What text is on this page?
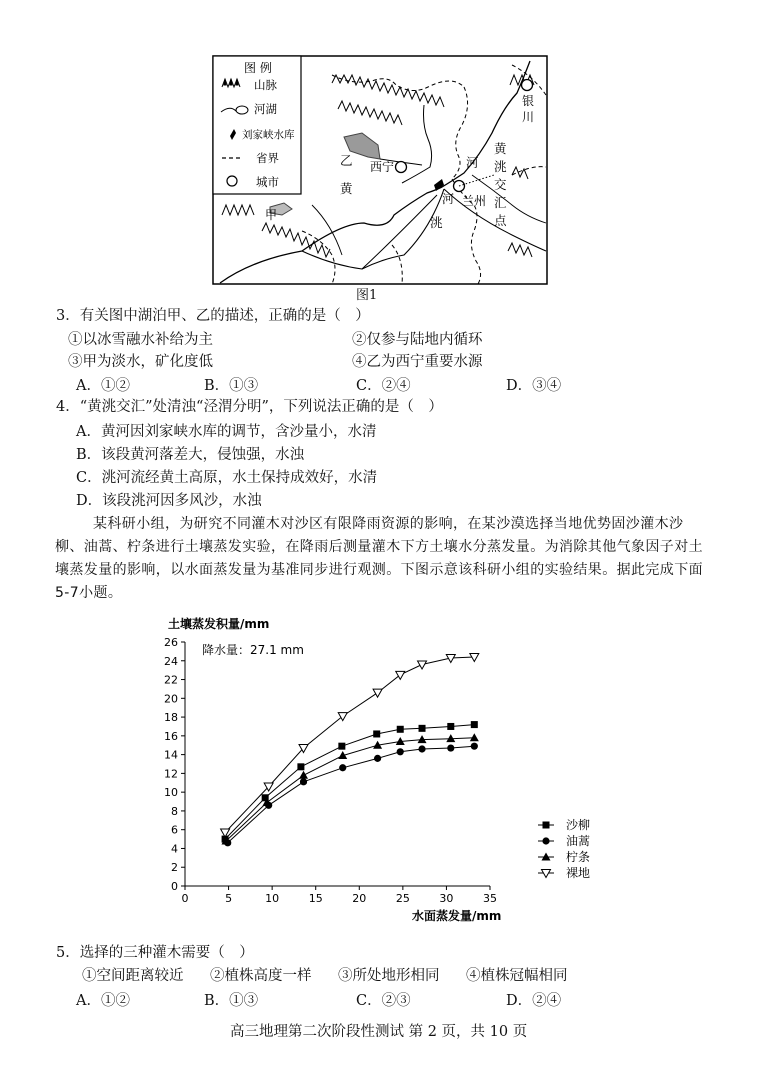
图 例
山脉
河湖
刘家峡水库
省界
城市
银
川
黄
洮
交
汇
点
乙 西宁	河
黄
河 兰州
洮
甲
图1
3．有关图中湖泊甲、乙的描述，正确的是（　）
①以冰雪融水补给为主	②仅参与陆地内循环
③甲为淡水，矿化度低	④乙为西宁重要水源
A．①②	B．①③	C．②④	D．③④
4．“黄洮交汇”处清浊“泾渭分明”，下列说法正确的是（　）
A．黄河因刘家峡水库的调节，含沙量小，水清
B．该段黄河落差大，侵蚀强，水浊
C．洮河流经黄土高原，水土保持成效好，水清
D．该段洮河因多风沙，水浊
某科研小组，为研究不同灌木对沙区有限降雨资源的影响，在某沙漠选择当地优势固沙灌木沙柳、油蒿、柠条进行土壤蒸发实验，在降雨后测量灌木下方土壤水分蒸发量。为消除其他气象因子对土壤蒸发量的影响，以水面蒸发量为基准同步进行观测。下图示意该科研小组的实验结果。据此完成下面5-7小题。
土壤蒸发积量/mm
降水量：27.1 mm
水面蒸发量/mm
0	5	10	15	20	25	30	35
0
2
4
6
8
10
12
14
16
18
20
22
24
26
沙柳
油蒿
柠条
裸地
5．选择的三种灌木需要（　）
①空间距离较近 ②植株高度一样 ③所处地形相同 ④植株冠幅相同
A．①②	B．①③	C．②③	D．②④
高三地理第二次阶段性测试 第 2 页，共 10 页
